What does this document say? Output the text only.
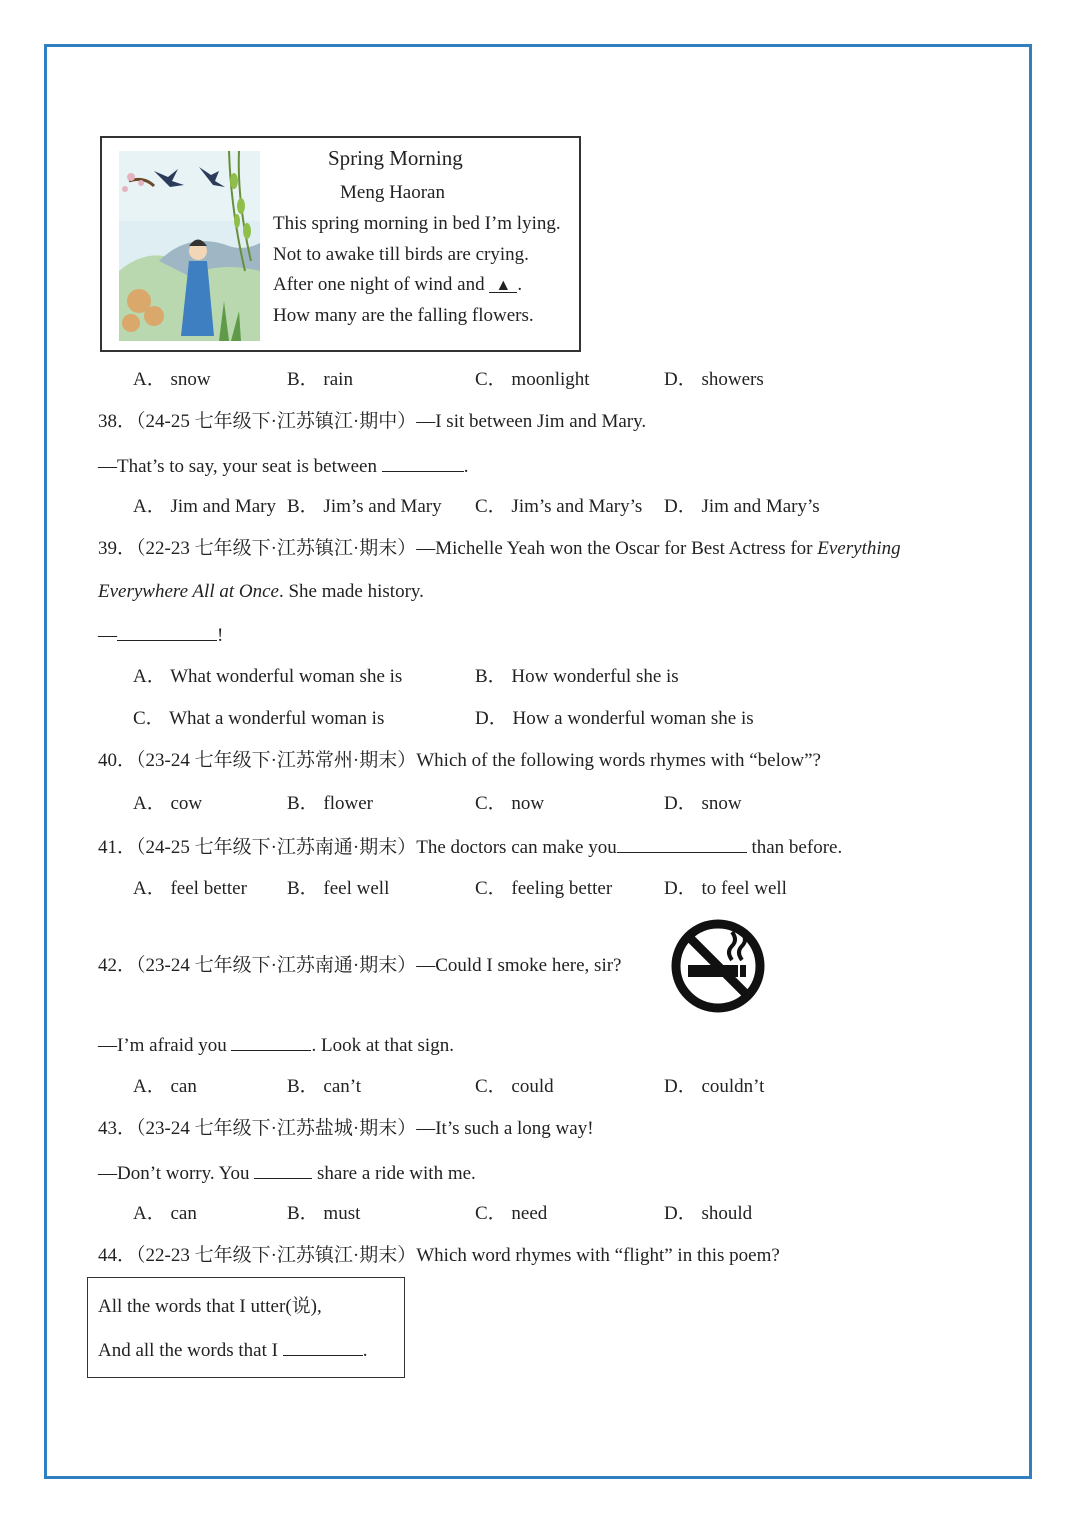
Spring Morning
Meng Haoran
This spring morning in bed I’m lying.
Not to awake till birds are crying.
After one night of wind and ▲ .
How many are the falling flowers.
A． snow	B． rain	C． moonlight	D． showers
38．（24-25 七年级下·江苏镇江·期中）—I sit between Jim and Mary.
—That’s to say, your seat is between	.
A． Jim and Mary B． Jim’s and Mary C． Jim’s and Mary’s D． Jim and Mary’s
39．（22-23 七年级下·江苏镇江·期末）—Michelle Yeah won the Oscar for Best Actress for Everything
Everywhere All at Once. She made history.
—	!
A． What wonderful woman she is	B． How wonderful she is
C． What a wonderful woman is	D． How a wonderful woman she is
40．（23-24 七年级下·江苏常州·期末）Which of the following words rhymes with “below”?
A． cow	B． flower	C． now	D． snow
41．（24-25 七年级下·江苏南通·期末）The doctors can make you	than before.
A． feel better B． feel well	C． feeling better	D． to feel well
42．（23-24 七年级下·江苏南通·期末）—Could I smoke here, sir?
—I’m afraid you	. Look at that sign.
A． can	B． can’t	C． could	D． couldn’t
43．（23-24 七年级下·江苏盐城·期末）—It’s such a long way!
—Don’t worry. You	share a ride with me.
A． can	B． must	C． need	D． should
44．（22-23 七年级下·江苏镇江·期末）Which word rhymes with “flight” in this poem?
All the words that I utter(说),
And all the words that I	.
